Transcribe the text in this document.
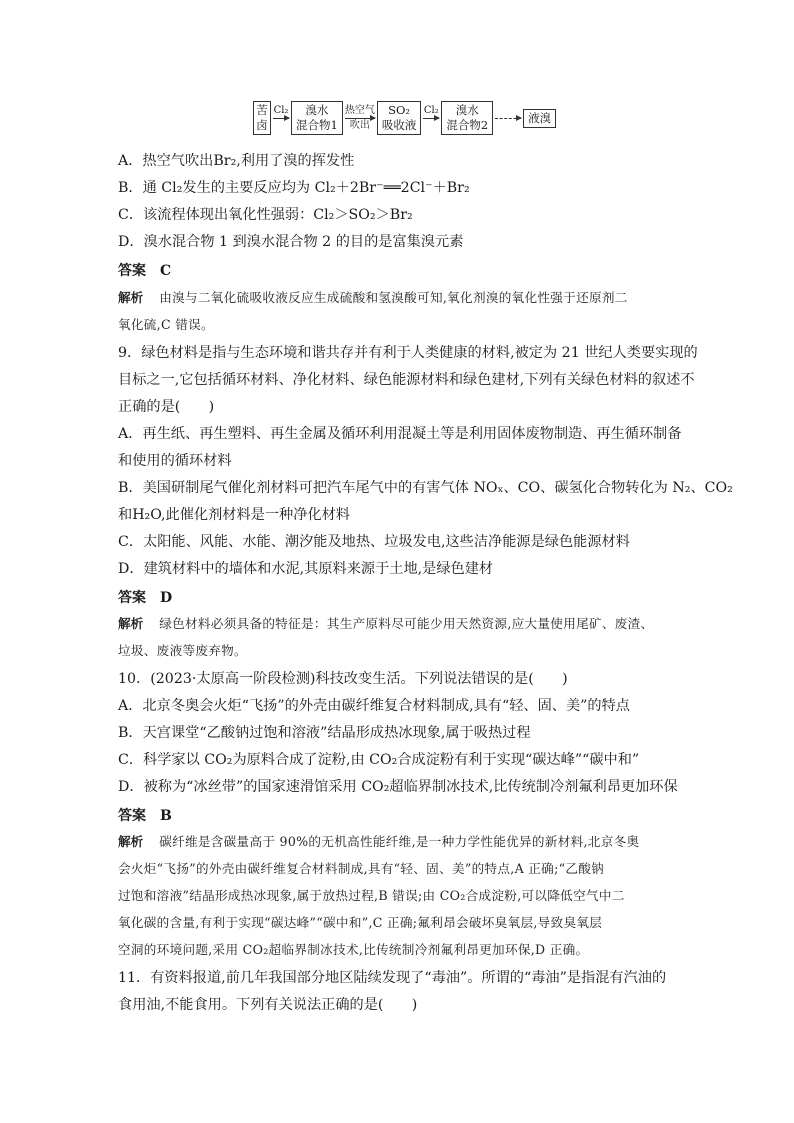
苦卤
Cl₂
	溴水
混合物1
热空气
吹出
SO₂
吸收液
Cl₂
	溴水
混合物2

液溴
A．热空气吹出Br₂,利用了溴的挥发性
B．通 Cl₂发生的主要反应均为 Cl₂＋2Br⁻══2Cl⁻＋Br₂
C．该流程体现出氧化性强弱：Cl₂＞SO₂＞Br₂
D．溴水混合物 1 到溴水混合物 2 的目的是富集溴元素
答案 C
解析 由溴与二氧化硫吸收液反应生成硫酸和氢溴酸可知,氧化剂溴的氧化性强于还原剂二
氧化硫,C 错误。
9．绿色材料是指与生态环境和谐共存并有利于人类健康的材料,被定为 21 世纪人类要实现的
目标之一,它包括循环材料、净化材料、绿色能源材料和绿色建材,下列有关绿色材料的叙述不
正确的是(　　)
A．再生纸、再生塑料、再生金属及循环利用混凝土等是利用固体废物制造、再生循环制备
和使用的循环材料
B．美国研制尾气催化剂材料可把汽车尾气中的有害气体 NOₓ、CO、碳氢化合物转化为 N₂、CO₂
和H₂O,此催化剂材料是一种净化材料
C．太阳能、风能、水能、潮汐能及地热、垃圾发电,这些洁净能源是绿色能源材料
D．建筑材料中的墙体和水泥,其原料来源于土地,是绿色建材
答案 D
解析 绿色材料必须具备的特征是：其生产原料尽可能少用天然资源,应大量使用尾矿、废渣、
垃圾、废液等废弃物。
10．(2023·太原高一阶段检测)科技改变生活。下列说法错误的是(　　)
A．北京冬奥会火炬“飞扬”的外壳由碳纤维复合材料制成,具有“轻、固、美”的特点
B．天宫课堂“乙酸钠过饱和溶液”结晶形成热冰现象,属于吸热过程
C．科学家以 CO₂为原料合成了淀粉,由 CO₂合成淀粉有利于实现“碳达峰”“碳中和”
D．被称为“冰丝带”的国家速滑馆采用 CO₂超临界制冰技术,比传统制冷剂氟利昂更加环保
答案 B
解析 碳纤维是含碳量高于 90%的无机高性能纤维,是一种力学性能优异的新材料,北京冬奥
会火炬“飞扬”的外壳由碳纤维复合材料制成,具有“轻、固、美”的特点,A 正确;“乙酸钠
过饱和溶液”结晶形成热冰现象,属于放热过程,B 错误;由 CO₂合成淀粉,可以降低空气中二
氧化碳的含量,有利于实现“碳达峰”“碳中和”,C 正确;氟利昂会破坏臭氧层,导致臭氧层
空洞的环境问题,采用 CO₂超临界制冰技术,比传统制冷剂氟利昂更加环保,D 正确。
11．有资料报道,前几年我国部分地区陆续发现了“毒油”。所谓的“毒油”是指混有汽油的
食用油,不能食用。下列有关说法正确的是(　　)
